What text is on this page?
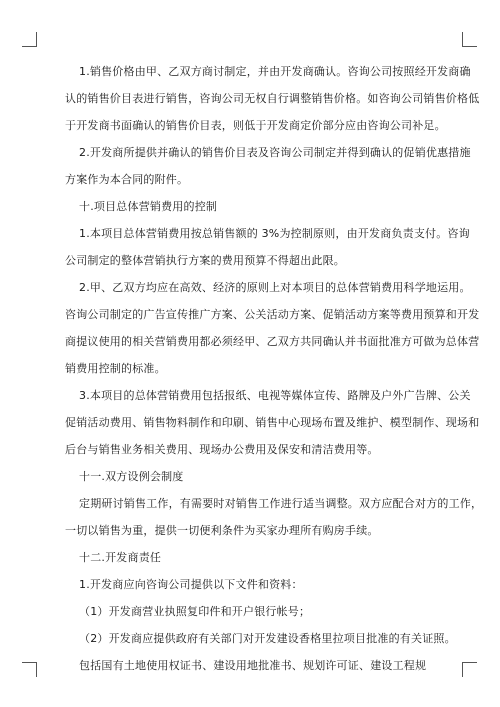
1.销售价格由甲、乙双方商讨制定，并由开发商确认。咨询公司按照经开发商确
认的销售价目表进行销售，咨询公司无权自行调整销售价格。如咨询公司销售价格低
于开发商书面确认的销售价目表，则低于开发商定价部分应由咨询公司补足。
2.开发商所提供并确认的销售价目表及咨询公司制定并得到确认的促销优惠措施
方案作为本合同的附件。
十.项目总体营销费用的控制
1.本项目总体营销费用按总销售额的 3%为控制原则，由开发商负责支付。咨询
公司制定的整体营销执行方案的费用预算不得超出此限。
2.甲、乙双方均应在高效、经济的原则上对本项目的总体营销费用科学地运用。
咨询公司制定的广告宣传推广方案、公关活动方案、促销活动方案等费用预算和开发
商提议使用的相关营销费用都必须经甲、乙双方共同确认并书面批准方可做为总体营
销费用控制的标准。
3.本项目的总体营销费用包括报纸、电视等媒体宣传、路牌及户外广告牌、公关
促销活动费用、销售物料制作和印刷、销售中心现场布置及维护、模型制作、现场和
后台与销售业务相关费用、现场办公费用及保安和清洁费用等。
十一.双方设例会制度
定期研讨销售工作，有需要时对销售工作进行适当调整。双方应配合对方的工作，
一切以销售为重，提供一切便利条件为买家办理所有购房手续。
十二.开发商责任
1.开发商应向咨询公司提供以下文件和资料：
（1）开发商营业执照复印件和开户银行帐号；
（2）开发商应提供政府有关部门对开发建设香格里拉项目批准的有关证照。
包括国有土地使用权证书、建设用地批准书、规划许可证、建设工程规
